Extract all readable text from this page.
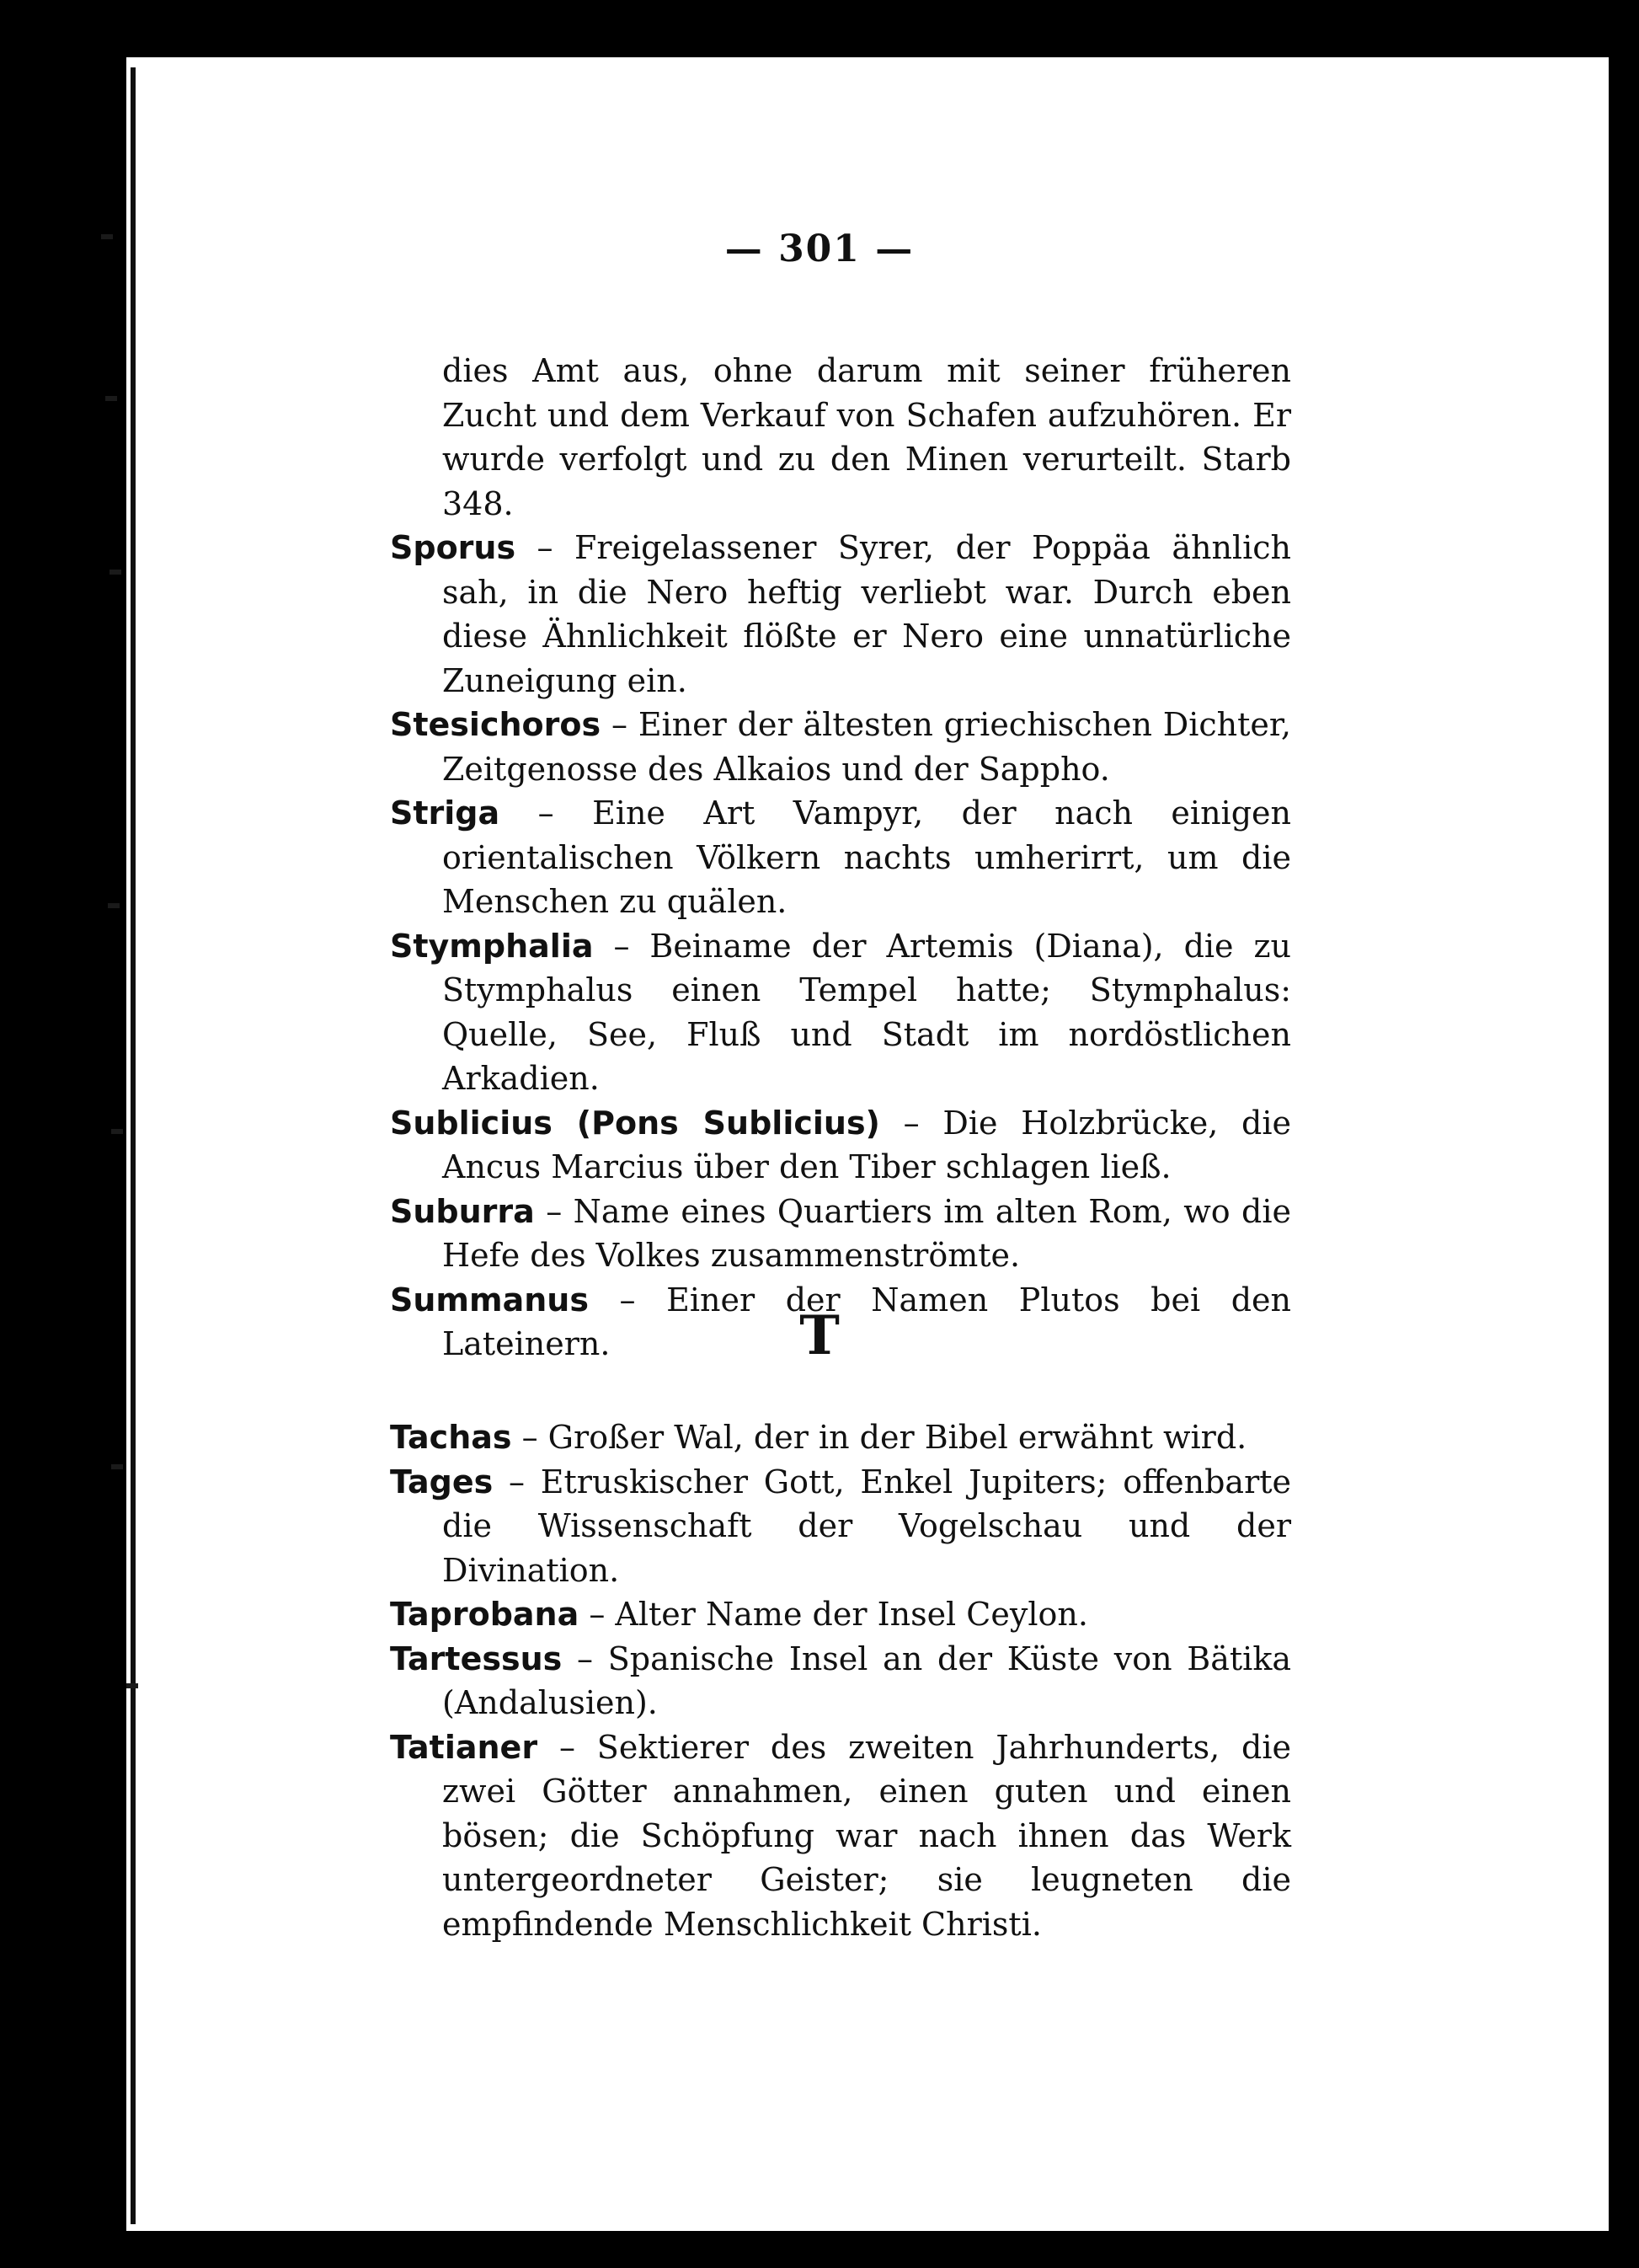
— 301 —

dies Amt aus, ohne darum mit seiner früheren Zucht und dem Verkauf von Schafen aufzuhören. Er wurde verfolgt und zu den Minen verurteilt. Starb 348.

Sporus – Freigelassener Syrer, der Poppäa ähnlich sah, in die Nero heftig verliebt war. Durch eben diese Ähnlichkeit flößte er Nero eine unnatürliche Zuneigung ein.

Stesichoros – Einer der ältesten griechischen Dichter, Zeitgenosse des Alkaios und der Sappho.

Striga – Eine Art Vampyr, der nach einigen orientalischen Völkern nachts umherirrt, um die Menschen zu quälen.

Stymphalia – Beiname der Artemis (Diana), die zu Stymphalus einen Tempel hatte; Stymphalus: Quelle, See, Fluß und Stadt im nordöstlichen Arkadien.

Sublicius (Pons Sublicius) – Die Holzbrücke, die Ancus Marcius über den Tiber schlagen ließ.

Suburra – Name eines Quartiers im alten Rom, wo die Hefe des Volkes zusammenströmte.

Summanus – Einer der Namen Plutos bei den Lateinern.	T

Tachas – Großer Wal, der in der Bibel erwähnt wird.

Tages – Etruskischer Gott, Enkel Jupiters; offenbarte die Wissenschaft der Vogelschau und der Divination.

Taprobana – Alter Name der Insel Ceylon.

Tartessus – Spanische Insel an der Küste von Bätika (Andalusien).

Tatianer – Sektierer des zweiten Jahrhunderts, die zwei Götter annahmen, einen guten und einen bösen; die Schöpfung war nach ihnen das Werk untergeordneter Geister; sie leugneten die empfindende Menschlichkeit Christi.
